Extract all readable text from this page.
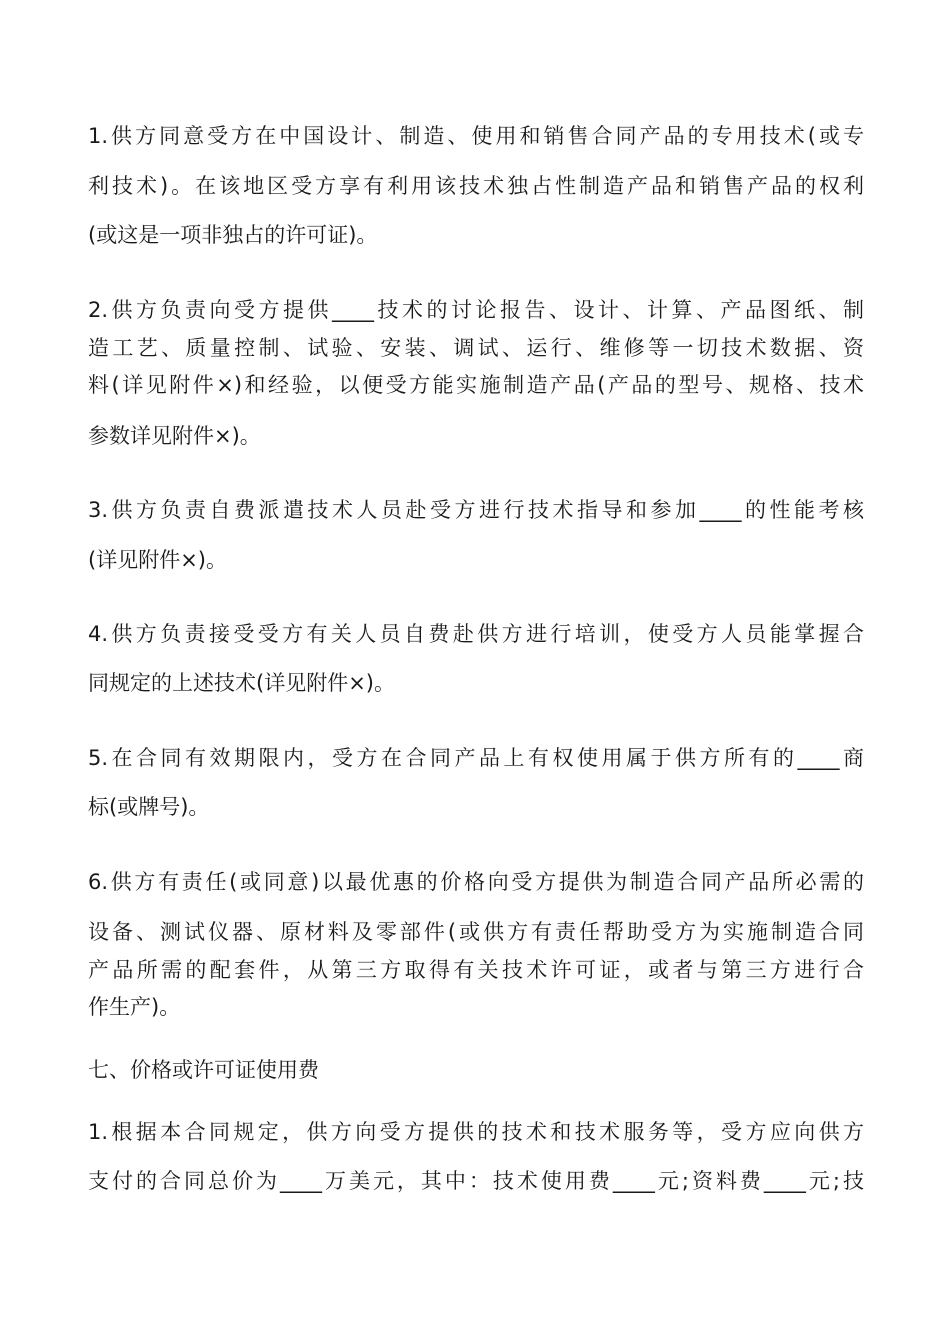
1.供方同意受方在中国设计、制造、使用和销售合同产品的专用技术(或专
利技术)。在该地区受方享有利用该技术独占性制造产品和销售产品的权利
(或这是一项非独占的许可证)。
2.供方负责向受方提供____技术的讨论报告、设计、计算、产品图纸、制
造工艺、质量控制、试验、安装、调试、运行、维修等一切技术数据、资
料(详见附件×)和经验，以便受方能实施制造产品(产品的型号、规格、技术
参数详见附件×)。
3.供方负责自费派遣技术人员赴受方进行技术指导和参加____的性能考核
(详见附件×)。
4.供方负责接受受方有关人员自费赴供方进行培训，使受方人员能掌握合
同规定的上述技术(详见附件×)。
5.在合同有效期限内，受方在合同产品上有权使用属于供方所有的____商
标(或牌号)。
6.供方有责任(或同意)以最优惠的价格向受方提供为制造合同产品所必需的
设备、测试仪器、原材料及零部件(或供方有责任帮助受方为实施制造合同
产品所需的配套件，从第三方取得有关技术许可证，或者与第三方进行合
作生产)。
七、价格或许可证使用费
1.根据本合同规定，供方向受方提供的技术和技术服务等，受方应向供方
支付的合同总价为____万美元，其中：技术使用费____元;资料费____元;技
